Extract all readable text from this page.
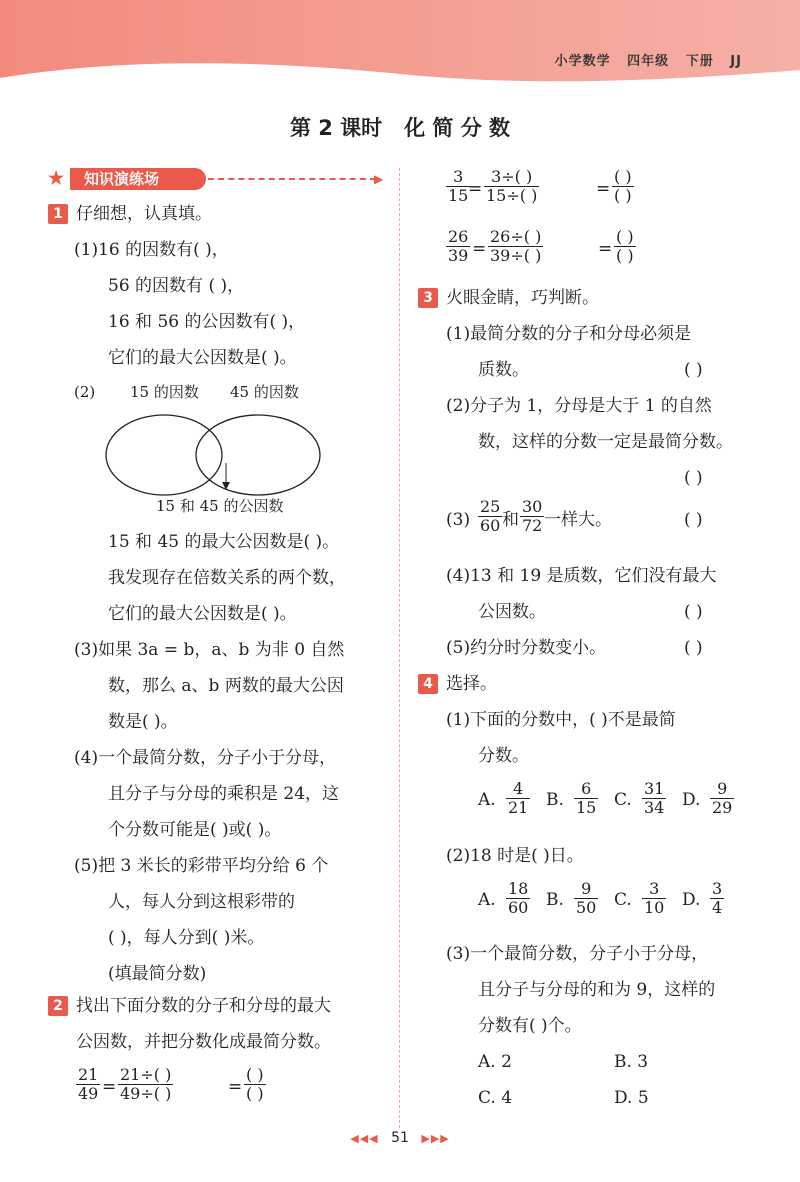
小学数学   四年级   下册   JJ
第 2 课时   化 简 分 数
★	知识演练场	▶
1 仔细想，认真填。
(1)16 的因数有( )，
56 的因数有 ( )，
16 和 56 的公因数有( )，
它们的最大公因数是( )。
(2) 15 的因数 45 的因数
15 和 45 的公因数
15 和 45 的最大公因数是( )。
我发现存在倍数关系的两个数，
它们的最大公因数是( )。
(3)如果 3a = b，a、b 为非 0 自然
数，那么 a、b 两数的最大公因
数是( )。
(4)一个最简分数，分子小于分母，
且分子与分母的乘积是 24，这
个分数可能是( )或( )。
(5)把 3 米长的彩带平均分给 6 个
人，每人分到这根彩带的
( )，每人分到( )米。
(填最简分数)
2 找出下面分数的分子和分母的最大
公因数，并把分数化成最简分数。
$\frac{21}{49} = \frac{21\div( )}{49\div( )}$	=
( )
( )
$\frac{3}{15}$
= $\frac{3\div( )}{15\div( )}$	=
( )
( )
$\frac{26}{39} = \frac{26\div( )}{39\div( )}$	=
( )
( )
3 火眼金睛，巧判断。
(1)最简分数的分子和分母必须是
质数。	( )
(2)分子为 1，分母是大于 1 的自然
数，这样的分数一定是最简分数。
( )
$(3) \frac{25}{60}$ 和 $\frac{30}{72}$ 一样大。	( )
(4)13 和 19 是质数，它们没有最大
公因数。	( )
(5)约分时分数变小。	( )
4 选择。
(1)下面的分数中，( )不是最简
分数。
A. $\frac{4}{21} B$. $\frac{6}{15} C$. $\frac{31}{34} D$. $\frac{9}{29}$
(2)18 时是( )日。
A. $\frac{18}{60} B$. $\frac{9}{50} C$. $\frac{3}{10} D$. $\frac{3}{4}$
(3)一个最简分数，分子小于分母，
且分子与分母的和为 9，这样的
分数有( )个。
A. 2	B. 3
C. 4	D. 5
◀◀◀ 51 ▶▶▶
